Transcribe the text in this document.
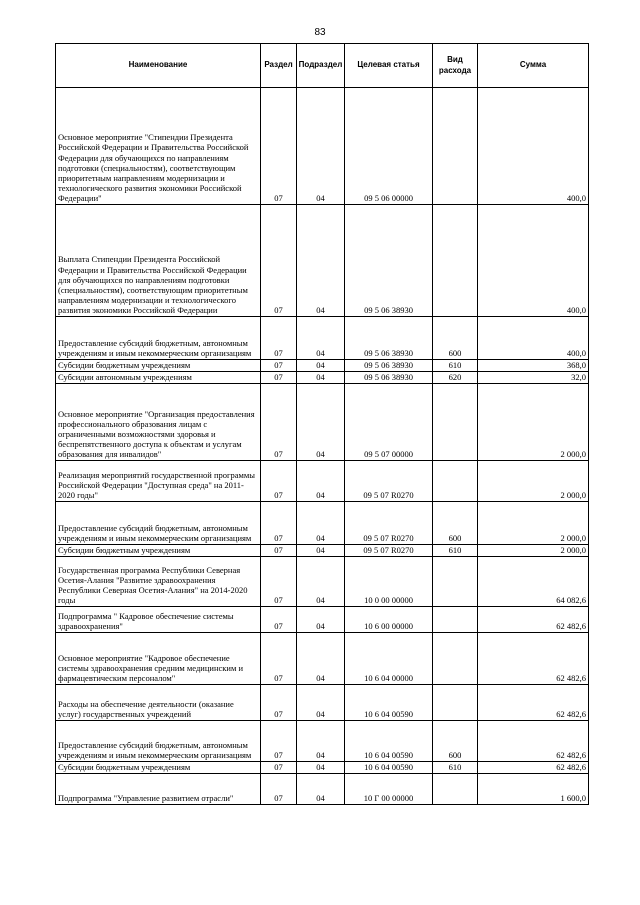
83
Наименование	Раздел	Подраздел	Целевая статья	Вид расхода	Сумма
Основное мероприятие "Стипендии Президента Российской Федерации и Правительства Российской Федерации для обучающихся по направлениям подготовки (специальностям), соответствующим приоритетным направлениям модернизации и технологического развития экономики Российской Федерации"	07	04	09 5 06 00000		400,0
Выплата Стипендии Президента Российской Федерации и Правительства Российской Федерации для обучающихся по направлениям подготовки (специальностям), соответствующим приоритетным направлениям модернизации и технологического развития экономики Российской Федерации	07	04	09 5 06 38930		400,0
Предоставление субсидий бюджетным, автономным учреждениям и иным некоммерческим организациям	07	04	09 5 06 38930	600	400,0
Субсидии бюджетным учреждениям	07	04	09 5 06 38930	610	368,0
Субсидии автономным учреждениям	07	04	09 5 06 38930	620	32,0
Основное мероприятие "Организация предоставления профессионального образования лицам с ограниченными возможностями здоровья и беспрепятственного доступа к объектам и услугам образования для инвалидов"	07	04	09 5 07 00000		2 000,0
Реализация мероприятий государственной программы Российской Федерации "Доступная среда" на 2011-2020 годы"	07	04	09 5 07 R0270		2 000,0
Предоставление субсидий бюджетным, автономным учреждениям и иным некоммерческим организациям	07	04	09 5 07 R0270	600	2 000,0
Субсидии бюджетным учреждениям	07	04	09 5 07 R0270	610	2 000,0
Государственная программа Республики Северная Осетия-Алания "Развитие здравоохранения Республики Северная Осетия-Алания" на 2014-2020 годы	07	04	10 0 00 00000		64 082,6
Подпрограмма " Кадровое обеспечение системы здравоохранения"	07	04	10 6 00 00000		62 482,6
Основное мероприятие "Кадровое обеспечение системы здравоохранения средним медицинским и фармацевтическим персоналом"	07	04	10 6 04 00000		62 482,6
Расходы на обеспечение деятельности (оказание услуг) государственных учреждений	07	04	10 6 04 00590		62 482,6
Предоставление субсидий бюджетным, автономным учреждениям и иным некоммерческим организациям	07	04	10 6 04 00590	600	62 482,6
Субсидии бюджетным учреждениям	07	04	10 6 04 00590	610	62 482,6
Подпрограмма "Управление развитием отрасли"	07	04	10 Г 00 00000		1 600,0
